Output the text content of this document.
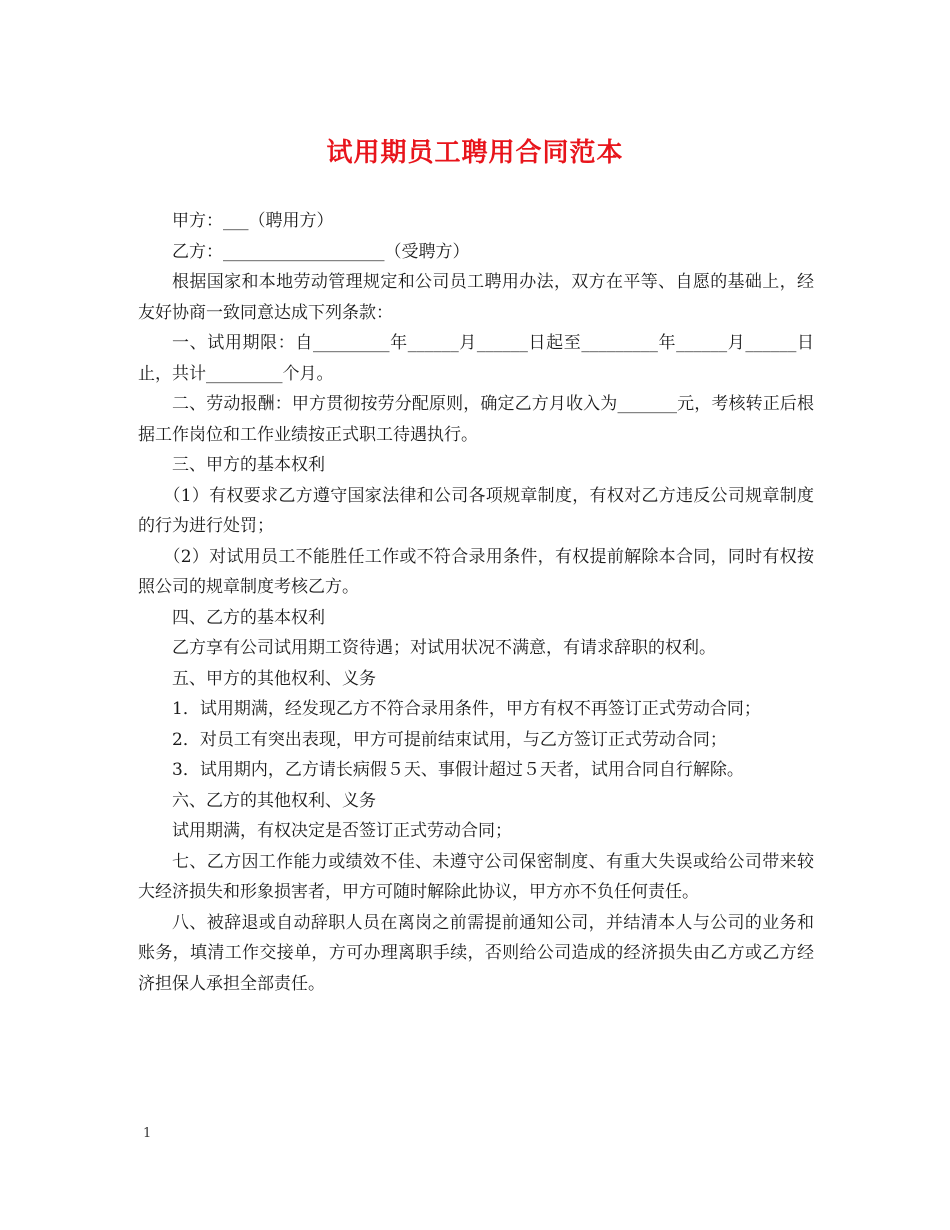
试用期员工聘用合同范本

甲方：___（聘用方）

乙方：___________________（受聘方）

根据国家和本地劳动管理规定和公司员工聘用办法，双方在平等、自愿的基础上，经友好协商一致同意达成下列条款：

一、试用期限：自_________年______月______日起至_________年______月______日止，共计_________个月。

二、劳动报酬：甲方贯彻按劳分配原则，确定乙方月收入为_______元，考核转正后根据工作岗位和工作业绩按正式职工待遇执行。

三、甲方的基本权利

（1）有权要求乙方遵守国家法律和公司各项规章制度，有权对乙方违反公司规章制度的行为进行处罚；

（2）对试用员工不能胜任工作或不符合录用条件，有权提前解除本合同，同时有权按照公司的规章制度考核乙方。

四、乙方的基本权利

乙方享有公司试用期工资待遇；对试用状况不满意，有请求辞职的权利。

五、甲方的其他权利、义务

1．试用期满，经发现乙方不符合录用条件，甲方有权不再签订正式劳动合同；

2．对员工有突出表现，甲方可提前结束试用，与乙方签订正式劳动合同；

3．试用期内，乙方请长病假５天、事假计超过５天者，试用合同自行解除。

六、乙方的其他权利、义务

试用期满，有权决定是否签订正式劳动合同；

七、乙方因工作能力或绩效不佳、未遵守公司保密制度、有重大失误或给公司带来较大经济损失和形象损害者，甲方可随时解除此协议，甲方亦不负任何责任。

八、被辞退或自动辞职人员在离岗之前需提前通知公司，并结清本人与公司的业务和账务，填清工作交接单，方可办理离职手续，否则给公司造成的经济损失由乙方或乙方经济担保人承担全部责任。

1
